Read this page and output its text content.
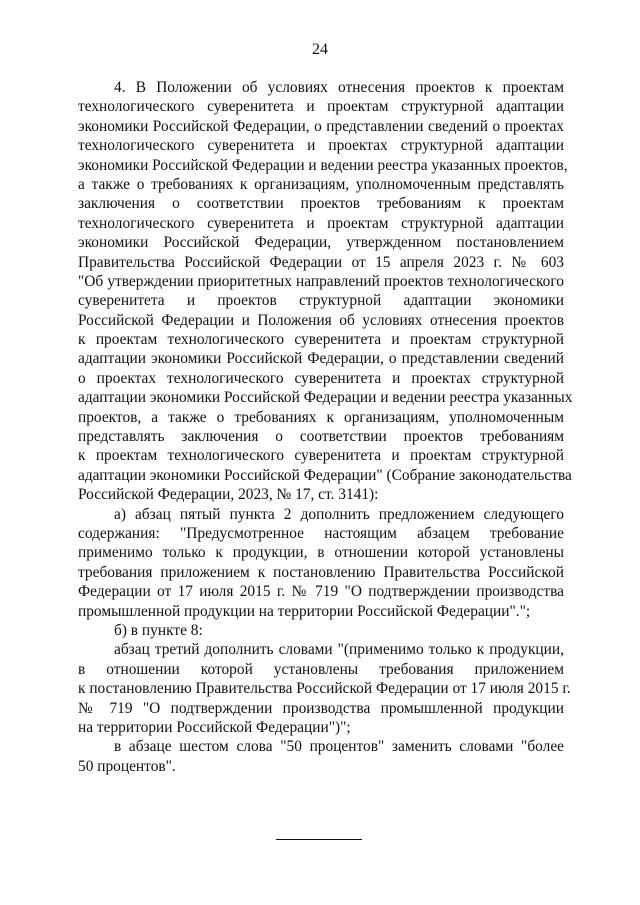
24
4. В Положении об условиях отнесения проектов к проектам
технологического суверенитета и проектам структурной адаптации
экономики Российской Федерации, о представлении сведений о проектах
технологического суверенитета и проектах структурной адаптации
экономики Российской Федерации и ведении реестра указанных проектов,
а также о требованиях к организациям, уполномоченным представлять
заключения о соответствии проектов требованиям к проектам
технологического суверенитета и проектам структурной адаптации
экономики Российской Федерации, утвержденном постановлением
Правительства Российской Федерации от 15 апреля 2023 г. № 603
"Об утверждении приоритетных направлений проектов технологического
суверенитета и проектов структурной адаптации экономики
Российской Федерации и Положения об условиях отнесения проектов
к проектам технологического суверенитета и проектам структурной
адаптации экономики Российской Федерации, о представлении сведений
о проектах технологического суверенитета и проектах структурной
адаптации экономики Российской Федерации и ведении реестра указанных
проектов, а также о требованиях к организациям, уполномоченным
представлять заключения о соответствии проектов требованиям
к проектам технологического суверенитета и проектам структурной
адаптации экономики Российской Федерации" (Собрание законодательства
Российской Федерации, 2023, № 17, ст. 3141):
а) абзац пятый пункта 2 дополнить предложением следующего
содержания: "Предусмотренное настоящим абзацем требование
применимо только к продукции, в отношении которой установлены
требования приложением к постановлению Правительства Российской
Федерации от 17 июля 2015 г. № 719 "О подтверждении производства
промышленной продукции на территории Российской Федерации".";
б) в пункте 8:
абзац третий дополнить словами "(применимо только к продукции,
в отношении которой установлены требования приложением
к постановлению Правительства Российской Федерации от 17 июля 2015 г.
№ 719 "О подтверждении производства промышленной продукции
на территории Российской Федерации")";
в абзаце шестом слова "50 процентов" заменить словами "более
50 процентов".
